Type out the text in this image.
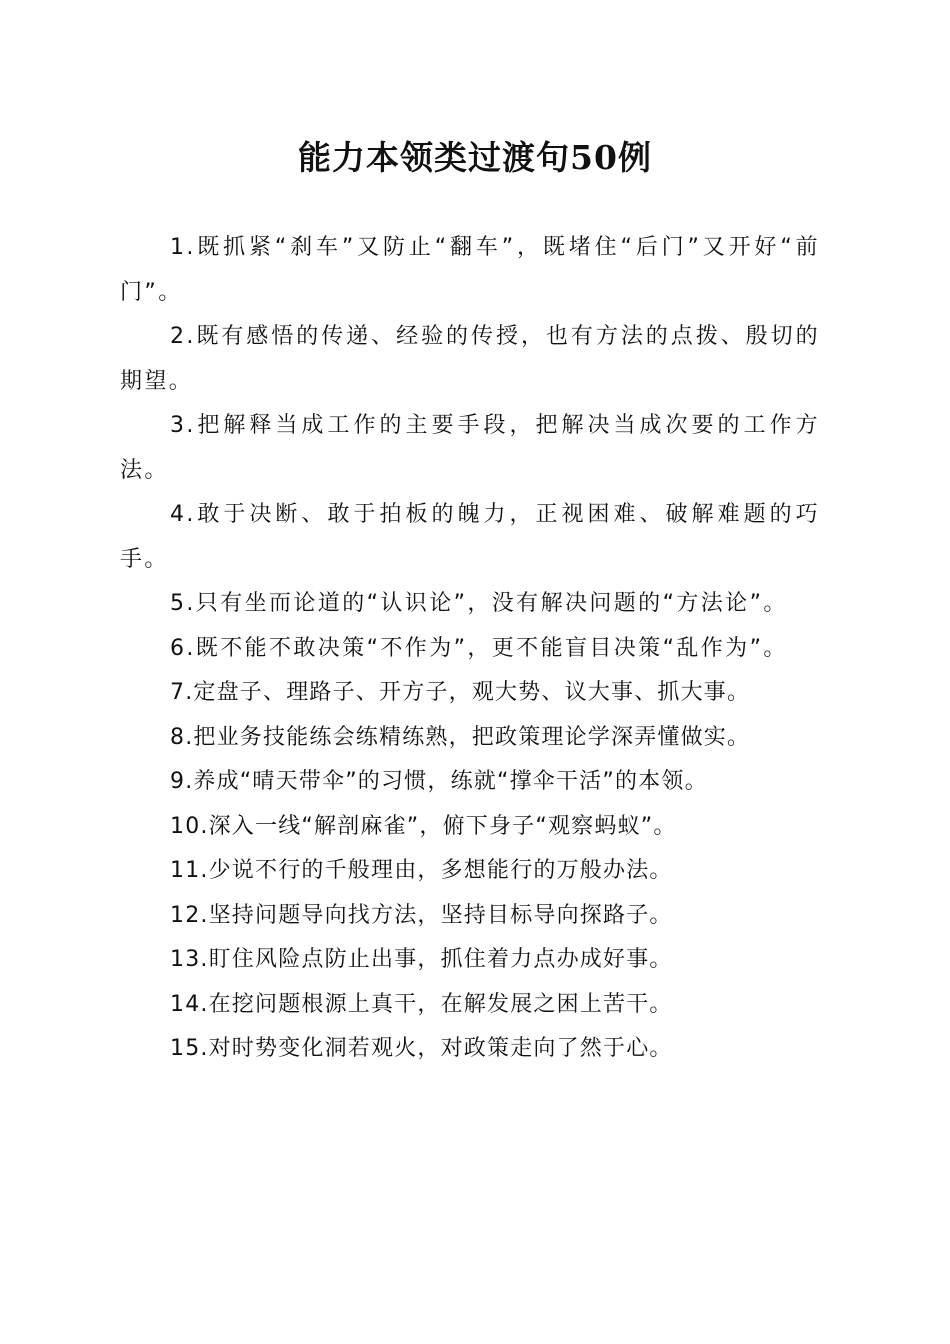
能力本领类过渡句50例

1.既抓紧“刹车”又防止“翻车”，既堵住“后门”又开好“前门”。

2.既有感悟的传递、经验的传授，也有方法的点拨、殷切的期望。

3.把解释当成工作的主要手段，把解决当成次要的工作方法。

4.敢于决断、敢于拍板的魄力，正视困难、破解难题的巧手。

5.只有坐而论道的“认识论”，没有解决问题的“方法论”。

6.既不能不敢决策“不作为”，更不能盲目决策“乱作为”。

7.定盘子、理路子、开方子，观大势、议大事、抓大事。

8.把业务技能练会练精练熟，把政策理论学深弄懂做实。

9.养成“晴天带伞”的习惯，练就“撑伞干活”的本领。

10.深入一线“解剖麻雀”，俯下身子“观察蚂蚁”。

11.少说不行的千般理由，多想能行的万般办法。

12.坚持问题导向找方法，坚持目标导向探路子。

13.盯住风险点防止出事，抓住着力点办成好事。

14.在挖问题根源上真干，在解发展之困上苦干。

15.对时势变化洞若观火，对政策走向了然于心。
